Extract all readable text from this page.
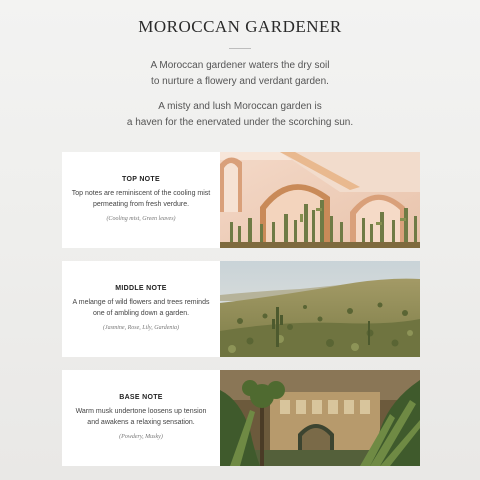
MOROCCAN GARDENER

A Moroccan gardener waters the dry soil

to nurture a flowery and verdant garden.

A misty and lush Moroccan garden is

a haven for the enervated under the scorching sun.

TOP NOTE
Top notes are reminiscent of the cooling mist
permeating from fresh verdure.
(Cooling mist, Green leaves)
MIDDLE NOTE
A melange of wild flowers and trees reminds
one of ambling down a garden.
(Jasmine, Rose, Lily, Gardenia)
BASE NOTE
Warm musk undertone loosens up tension
and awakens a relaxing sensation.
(Powdery, Musky)
